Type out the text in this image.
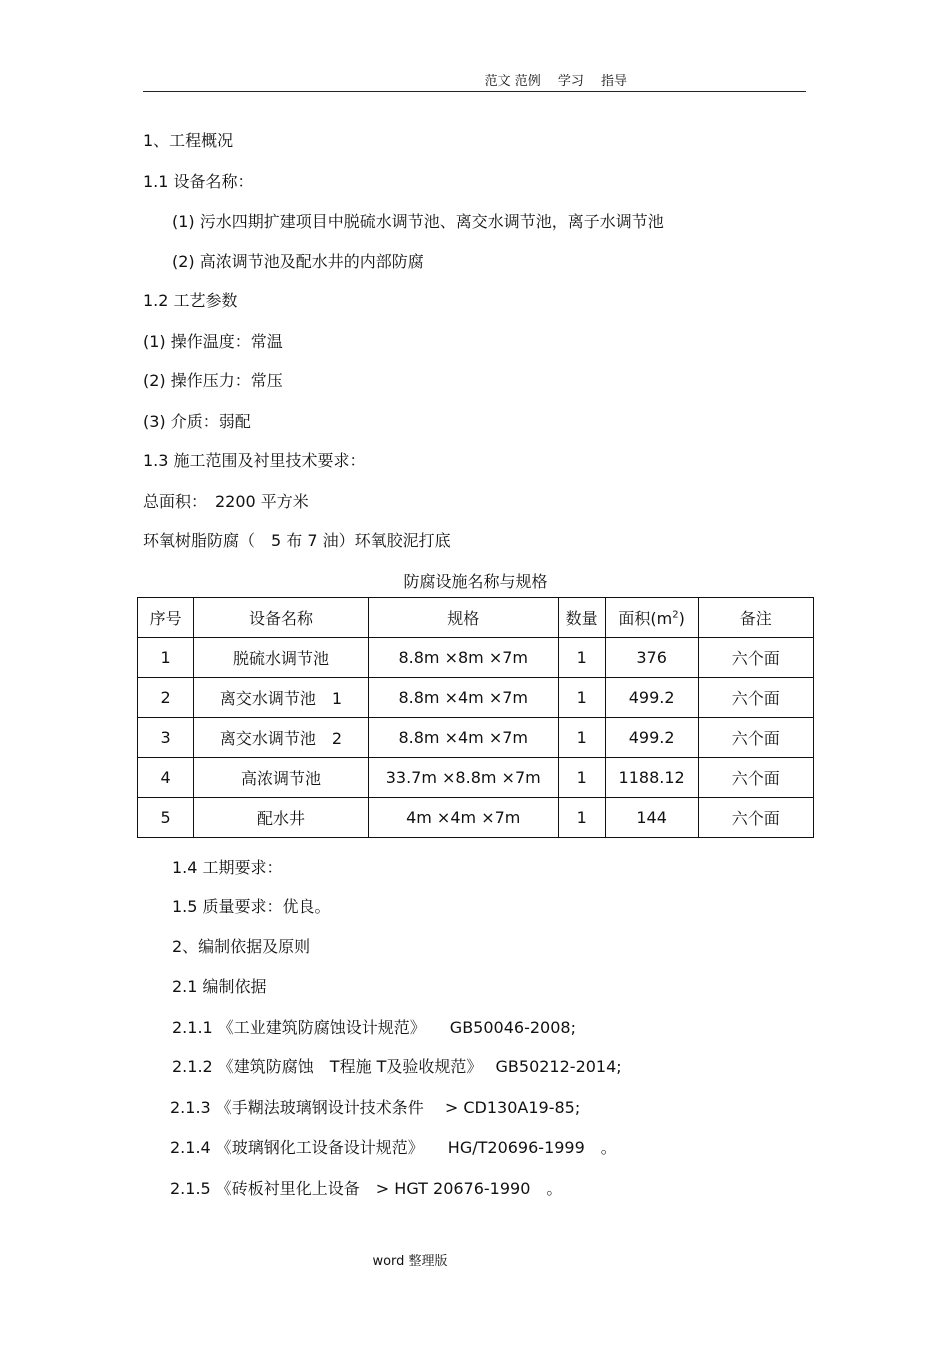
范文 范例　 学习　 指导
1、工程概况
1.1 设备名称：
(1) 污水四期扩建项目中脱硫水调节池、离交水调节池，离子水调节池
(2) 高浓调节池及配水井的内部防腐
1.2 工艺参数
(1) 操作温度：常温
(2) 操作压力：常压
(3) 介质：弱配
1.3 施工范围及衬里技术要求：
总面积：　2200 平方米
环氧树脂防腐（　5 布 7 油）环氧胶泥打底
防腐设施名称与规格
序号	设备名称	规格	数量	面积$(m^2)$	备注
1	脱硫水调节池	8.8m ×8m ×7m	1	376	六个面
2	离交水调节池　1	8.8m ×4m ×7m	1	499.2	六个面
3	离交水调节池　2	8.8m ×4m ×7m	1	499.2	六个面
4	高浓调节池	33.7m ×8.8m ×7m	1	1188.12	六个面
5	配水井	4m ×4m ×7m	1	144	六个面
1.4 工期要求：
1.5 质量要求：优良。
2、编制依据及原则
2.1 编制依据
2.1.1 《工业建筑防腐蚀设计规范》　　GB50046-2008;
2.1.2 《建筑防腐蚀　T程施 T及验收规范》　 GB50212-2014;
2.1.3 《手糊法玻璃钢设计技术条件　 > CD130A19-85;
2.1.4 《玻璃钢化工设备设计规范》　　HG/T20696-1999　。
2.1.5 《砖板衬里化上设备　> HGT 20676-1990　。
word 整理版
